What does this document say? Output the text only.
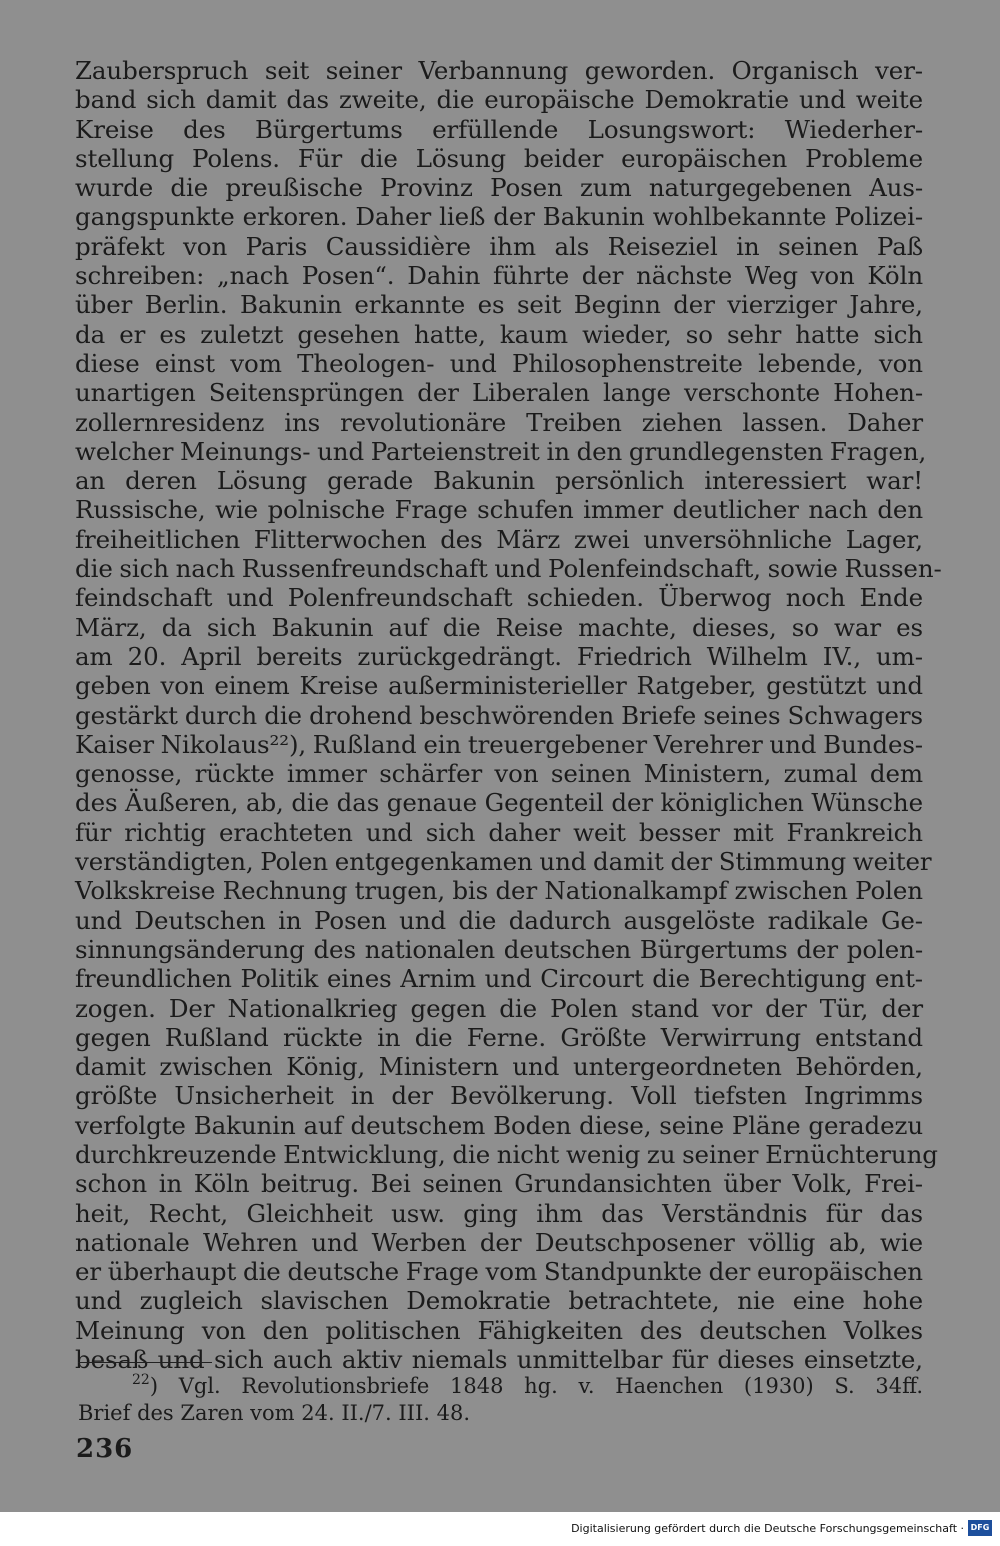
Zauberspruch seit seiner Verbannung geworden. Organisch ver-
band sich damit das zweite, die europäische Demokratie und weite
Kreise des Bürgertums erfüllende Losungswort: Wiederher-
stellung Polens. Für die Lösung beider europäischen Probleme
wurde die preußische Provinz Posen zum naturgegebenen Aus-
gangspunkte erkoren. Daher ließ der Bakunin wohlbekannte Polizei-
präfekt von Paris Caussidière ihm als Reiseziel in seinen Paß
schreiben: „nach Posen“. Dahin führte der nächste Weg von Köln
über Berlin. Bakunin erkannte es seit Beginn der vierziger Jahre,
da er es zuletzt gesehen hatte, kaum wieder, so sehr hatte sich
diese einst vom Theologen- und Philosophenstreite lebende, von
unartigen Seitensprüngen der Liberalen lange verschonte Hohen-
zollernresidenz ins revolutionäre Treiben ziehen lassen. Daher
welcher Meinungs- und Parteienstreit in den grundlegensten Fragen,
an deren Lösung gerade Bakunin persönlich interessiert war!
Russische, wie polnische Frage schufen immer deutlicher nach den
freiheitlichen Flitterwochen des März zwei unversöhnliche Lager,
die sich nach Russenfreundschaft und Polenfeindschaft, sowie Russen-
feindschaft und Polenfreundschaft schieden. Überwog noch Ende
März, da sich Bakunin auf die Reise machte, dieses, so war es
am 20. April bereits zurückgedrängt. Friedrich Wilhelm IV., um-
geben von einem Kreise außerministerieller Ratgeber, gestützt und
gestärkt durch die drohend beschwörenden Briefe seines Schwagers
Kaiser Nikolaus²²), Rußland ein treuergebener Verehrer und Bundes-
genosse, rückte immer schärfer von seinen Ministern, zumal dem
des Äußeren, ab, die das genaue Gegenteil der königlichen Wünsche
für richtig erachteten und sich daher weit besser mit Frankreich
verständigten, Polen entgegenkamen und damit der Stimmung weiter
Volkskreise Rechnung trugen, bis der Nationalkampf zwischen Polen
und Deutschen in Posen und die dadurch ausgelöste radikale Ge-
sinnungsänderung des nationalen deutschen Bürgertums der polen-
freundlichen Politik eines Arnim und Circourt die Berechtigung ent-
zogen. Der Nationalkrieg gegen die Polen stand vor der Tür, der
gegen Rußland rückte in die Ferne. Größte Verwirrung entstand
damit zwischen König, Ministern und untergeordneten Behörden,
größte Unsicherheit in der Bevölkerung. Voll tiefsten Ingrimms
verfolgte Bakunin auf deutschem Boden diese, seine Pläne geradezu
durchkreuzende Entwicklung, die nicht wenig zu seiner Ernüchterung
schon in Köln beitrug. Bei seinen Grundansichten über Volk, Frei-
heit, Recht, Gleichheit usw. ging ihm das Verständnis für das
nationale Wehren und Werben der Deutschposener völlig ab, wie
er überhaupt die deutsche Frage vom Standpunkte der europäischen
und zugleich slavischen Demokratie betrachtete, nie eine hohe
Meinung von den politischen Fähigkeiten des deutschen Volkes
besaß und sich auch aktiv niemals unmittelbar für dieses einsetzte,
$^{22}$) Vgl. Revolutionsbriefe 1848 hg. v. Haenchen (1930) S. 34ff.
Brief des Zaren vom 24. II./7. III. 48.
236
Digitalisierung gefördert durch die Deutsche Forschungsgemeinschaft · DFG
